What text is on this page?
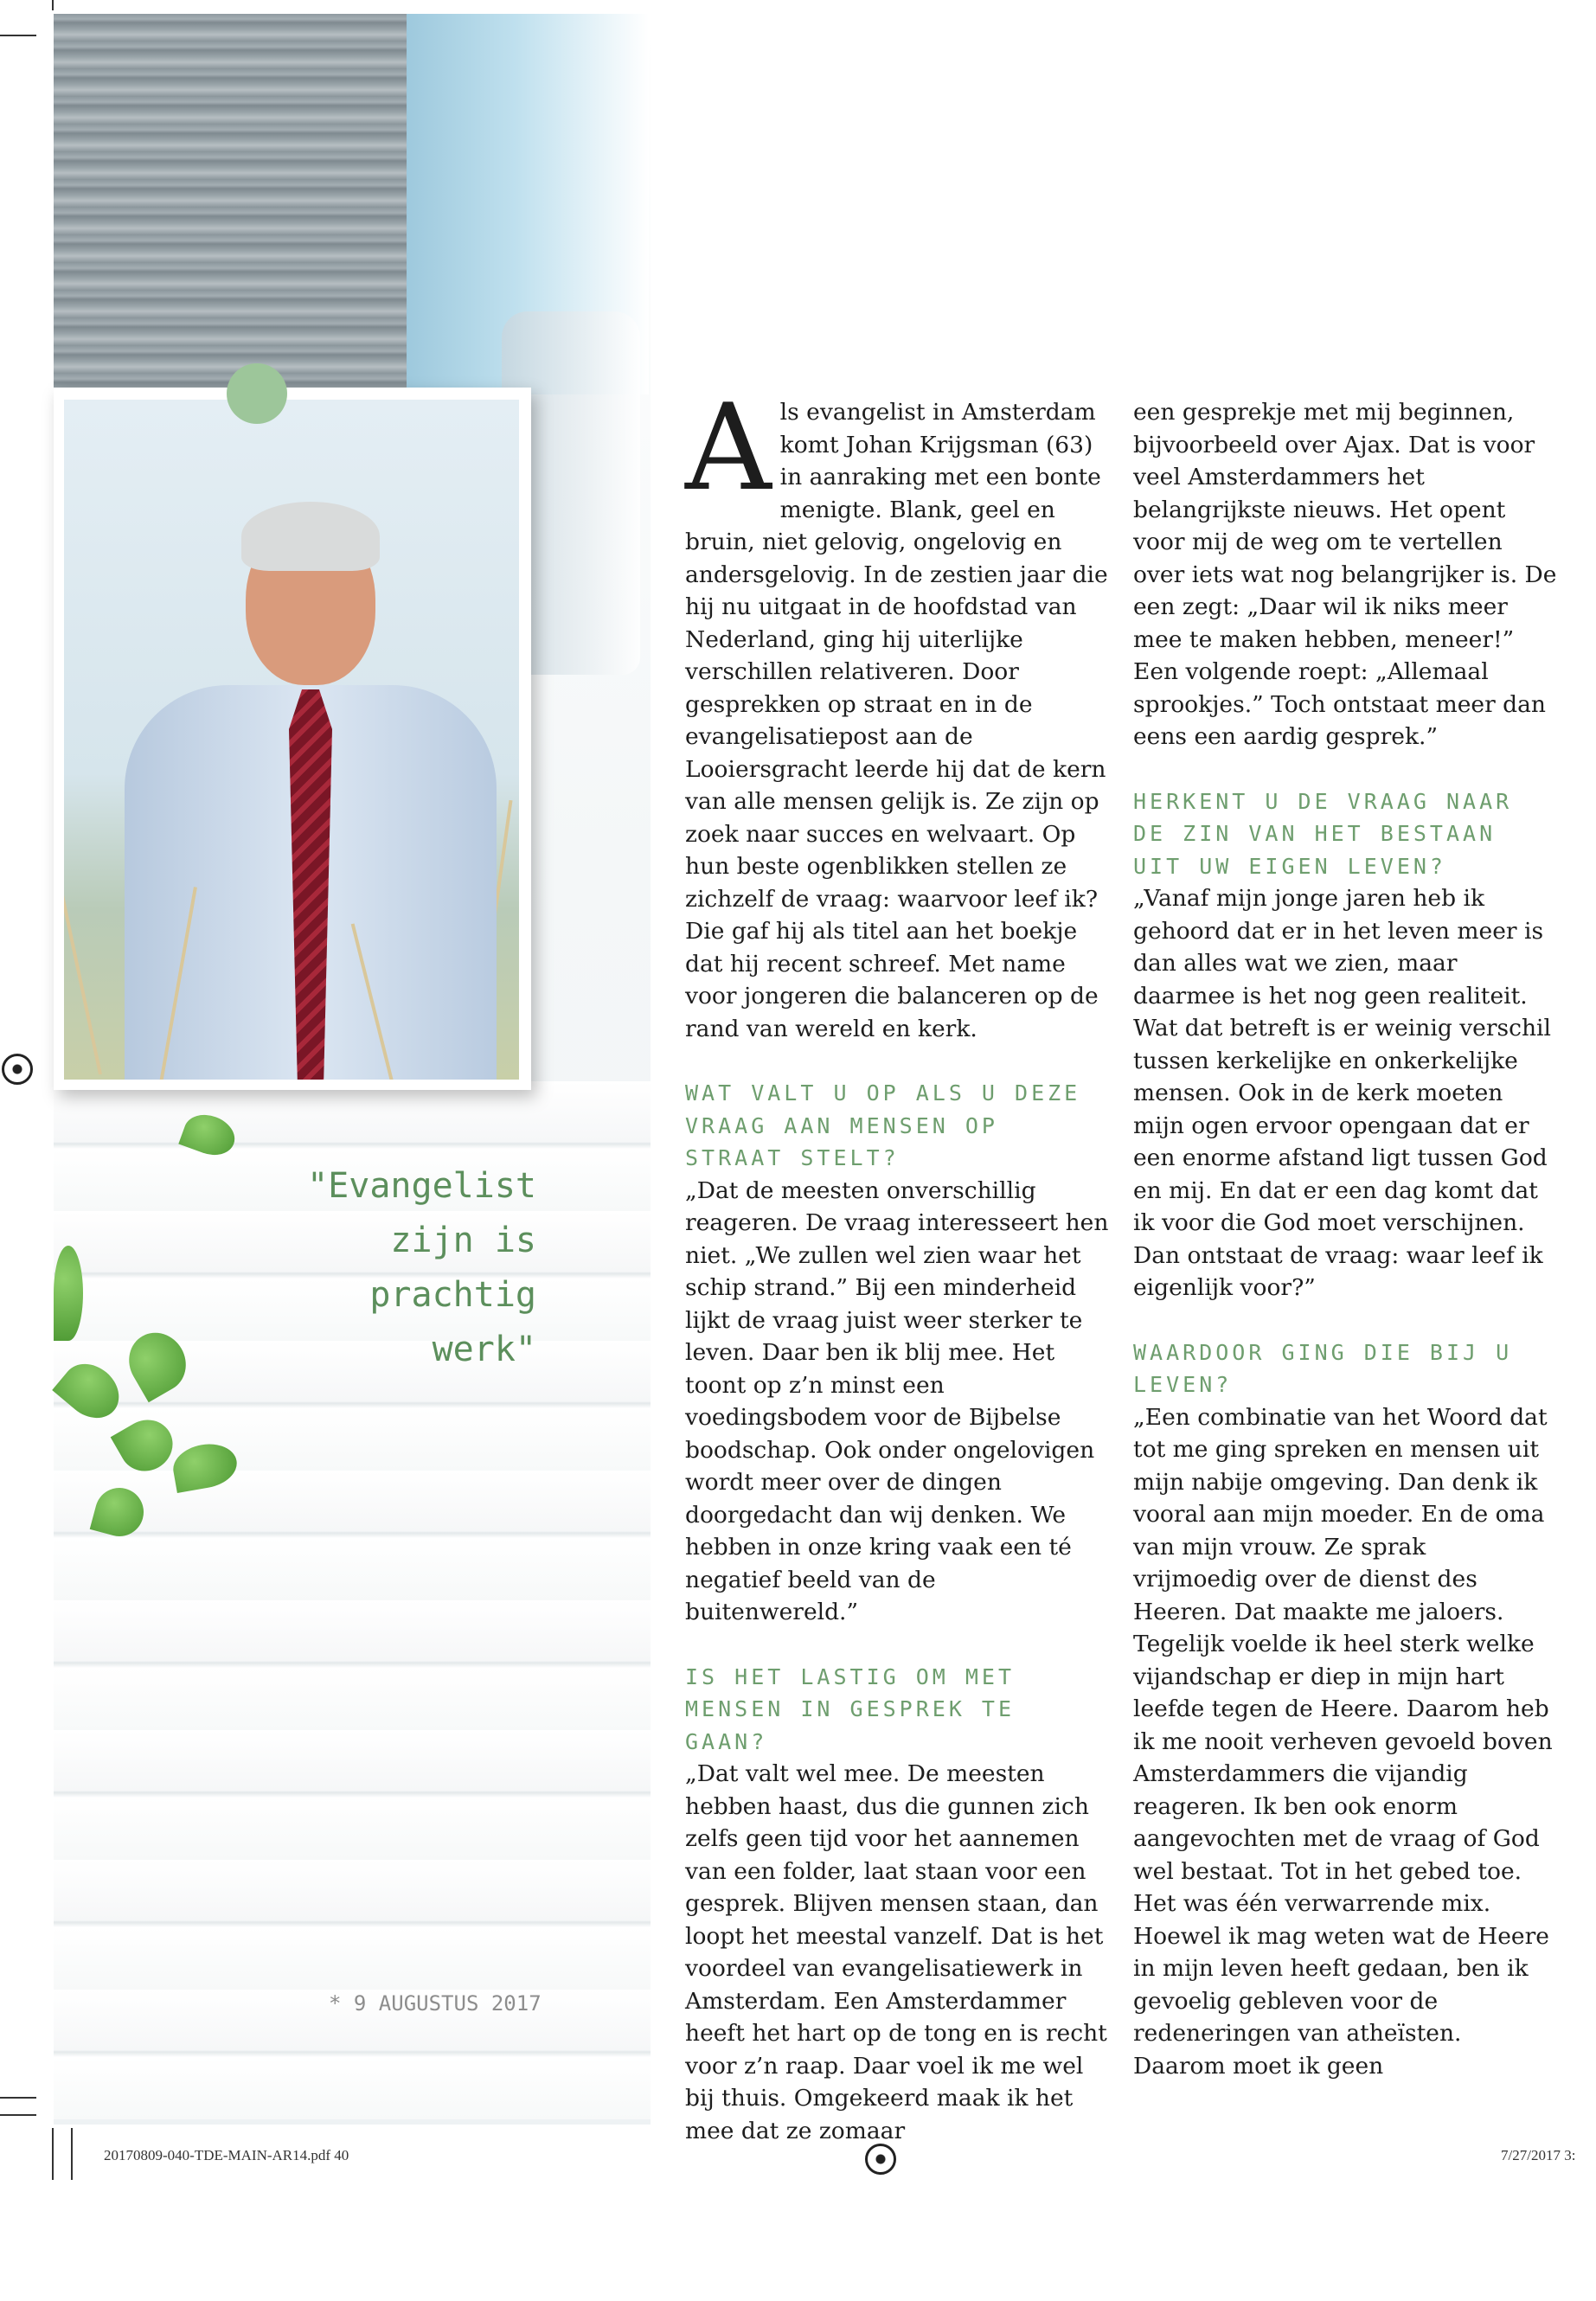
"Evangelist
zijn is
prachtig
werk"

Als evangelist in Amsterdam komt Johan Krijgsman (63) in aanraking met een bonte menigte. Blank, geel en bruin, niet gelovig, ongelovig en andersgelovig. In de zestien jaar die hij nu uitgaat in de hoofdstad van Nederland, ging hij uiterlijke verschillen relativeren. Door gesprekken op straat en in de evangelisatiepost aan de Looiersgracht leerde hij dat de kern van alle mensen gelijk is. Ze zijn op zoek naar succes en welvaart. Op hun beste ogenblikken stellen ze zichzelf de vraag: waarvoor leef ik? Die gaf hij als titel aan het boekje dat hij recent schreef. Met name voor jongeren die balanceren op de rand van wereld en kerk.

WAT VALT U OP ALS U DEZE VRAAG AAN MENSEN OP STRAAT STELT?

„Dat de meesten onverschillig reageren. De vraag interesseert hen niet. „We zullen wel zien waar het schip strand.” Bij een minderheid lijkt de vraag juist weer sterker te leven. Daar ben ik blij mee. Het toont op z’n minst een voedingsbodem voor de Bijbelse boodschap. Ook onder ongelovigen wordt meer over de dingen doorgedacht dan wij denken. We hebben in onze kring vaak een té negatief beeld van de buitenwereld.”

IS HET LASTIG OM MET MENSEN IN GESPREK TE GAAN?

„Dat valt wel mee. De meesten hebben haast, dus die gunnen zich zelfs geen tijd voor het aannemen van een folder, laat staan voor een gesprek. Blijven mensen staan, dan loopt het meestal vanzelf. Dat is het voordeel van evangelisatiewerk in Amsterdam. Een Amsterdammer heeft het hart op de tong en is recht voor z’n raap. Daar voel ik me wel bij thuis. Omgekeerd maak ik het mee dat ze zomaar

een gesprekje met mij beginnen, bijvoorbeeld over Ajax. Dat is voor veel Amsterdammers het belangrijkste nieuws. Het opent voor mij de weg om te vertellen over iets wat nog belangrijker is. De een zegt: „Daar wil ik niks meer mee te maken hebben, meneer!” Een volgende roept: „Allemaal sprookjes.” Toch ontstaat meer dan eens een aardig gesprek.”

HERKENT U DE VRAAG NAAR DE ZIN VAN HET BESTAAN UIT UW EIGEN LEVEN?

„Vanaf mijn jonge jaren heb ik gehoord dat er in het leven meer is dan alles wat we zien, maar daarmee is het nog geen realiteit. Wat dat betreft is er weinig verschil tussen kerkelijke en onkerkelijke mensen. Ook in de kerk moeten mijn ogen ervoor opengaan dat er een enorme afstand ligt tussen God en mij. En dat er een dag komt dat ik voor die God moet verschijnen. Dan ontstaat de vraag: waar leef ik eigenlijk voor?”

WAARDOOR GING DIE BIJ U LEVEN?

„Een combinatie van het Woord dat tot me ging spreken en mensen uit mijn nabije omgeving. Dan denk ik vooral aan mijn moeder. En de oma van mijn vrouw. Ze sprak vrijmoedig over de dienst des Heeren. Dat maakte me jaloers. Tegelijk voelde ik heel sterk welke vijandschap er diep in mijn hart leefde tegen de Heere. Daarom heb ik me nooit verheven gevoeld boven Amsterdammers die vijandig reageren. Ik ben ook enorm aangevochten met de vraag of God wel bestaat. Tot in het gebed toe. Het was één verwarrende mix.

Hoewel ik mag weten wat de Heere in mijn leven heeft gedaan, ben ik gevoelig gebleven voor de redeneringen van atheïsten. Daarom moet ik geen

* 9 AUGUSTUS 2017
20170809-040-TDE-MAIN-AR14.pdf 40	7/27/2017 3:
